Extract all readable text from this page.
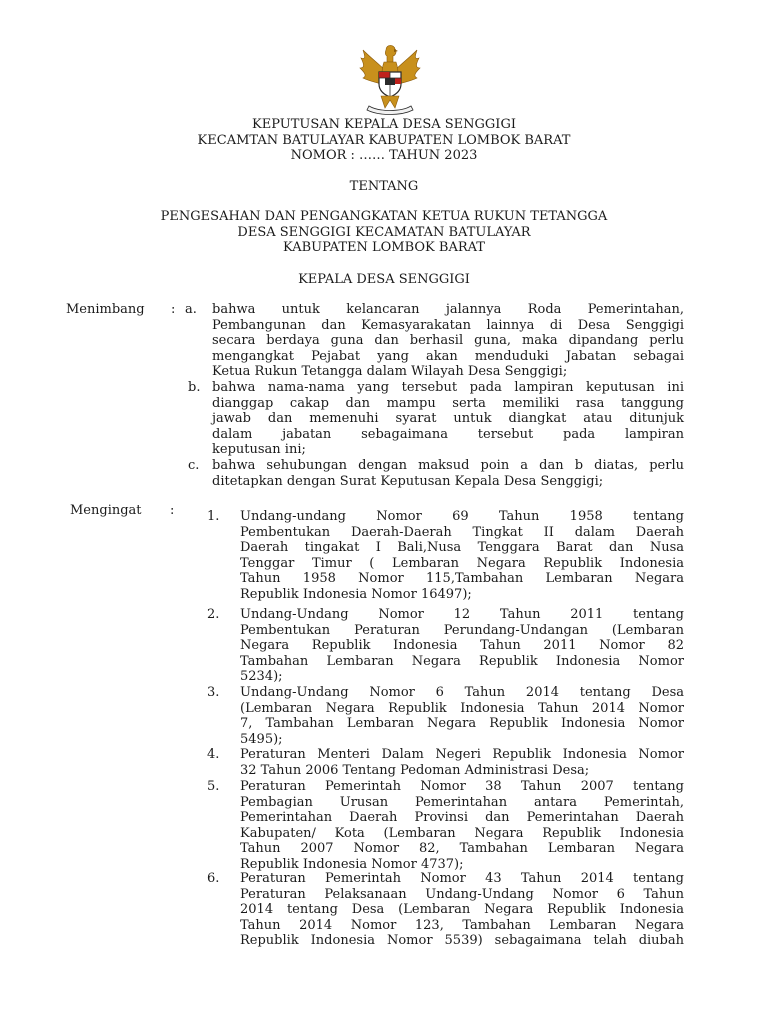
KEPUTUSAN KEPALA DESA SENGGIGI
KECAMTAN BATULAYAR KABUPATEN LOMBOK BARAT
NOMOR : …… TAHUN 2023
TENTANG
PENGESAHAN DAN PENGANGKATAN KETUA RUKUN TETANGGA
DESA SENGGIGI KECAMATAN BATULAYAR
KABUPATEN LOMBOK BARAT
KEPALA DESA SENGGIGI
Menimbang : a. bahwa untuk kelancaran jalannya Roda Pemerintahan,
Pembangunan dan Kemasyarakatan lainnya di Desa Senggigi
secara berdaya guna dan berhasil guna, maka dipandang perlu
mengangkat Pejabat yang akan menduduki Jabatan sebagai
Ketua Rukun Tetangga dalam Wilayah Desa Senggigi;
b. bahwa nama-nama yang tersebut pada lampiran keputusan ini
dianggap cakap dan mampu serta memiliki rasa tanggung
jawab dan memenuhi syarat untuk diangkat atau ditunjuk
dalam jabatan sebagaimana tersebut pada lampiran
keputusan ini;
c. bahwa sehubungan dengan maksud poin a dan b diatas, perlu
ditetapkan dengan Surat Keputusan Kepala Desa Senggigi;
Mengingat :	1. Undang-undang Nomor 69 Tahun 1958 tentang
Pembentukan Daerah-Daerah Tingkat II dalam Daerah
Daerah tingakat I Bali,Nusa Tenggara Barat dan Nusa
Tenggar Timur ( Lembaran Negara Republik Indonesia
Tahun 1958 Nomor 115,Tambahan Lembaran Negara
Republik Indonesia Nomor 16497);
2. Undang-Undang Nomor 12 Tahun 2011 tentang
Pembentukan Peraturan Perundang-Undangan (Lembaran
Negara Republik Indonesia Tahun 2011 Nomor 82
Tambahan Lembaran Negara Republik Indonesia Nomor
5234);
3. Undang-Undang Nomor 6 Tahun 2014 tentang Desa
(Lembaran Negara Republik Indonesia Tahun 2014 Nomor
7, Tambahan Lembaran Negara Republik Indonesia Nomor
5495);
4. Peraturan Menteri Dalam Negeri Republik Indonesia Nomor
32 Tahun 2006 Tentang Pedoman Administrasi Desa;
5. Peraturan Pemerintah Nomor 38 Tahun 2007 tentang
Pembagian Urusan Pemerintahan antara Pemerintah,
Pemerintahan Daerah Provinsi dan Pemerintahan Daerah
Kabupaten/ Kota (Lembaran Negara Republik Indonesia
Tahun 2007 Nomor 82, Tambahan Lembaran Negara
Republik Indonesia Nomor 4737);
6. Peraturan Pemerintah Nomor 43 Tahun 2014 tentang
Peraturan Pelaksanaan Undang-Undang Nomor 6 Tahun
2014 tentang Desa (Lembaran Negara Republik Indonesia
Tahun 2014 Nomor 123, Tambahan Lembaran Negara
Republik Indonesia Nomor 5539) sebagaimana telah diubah
